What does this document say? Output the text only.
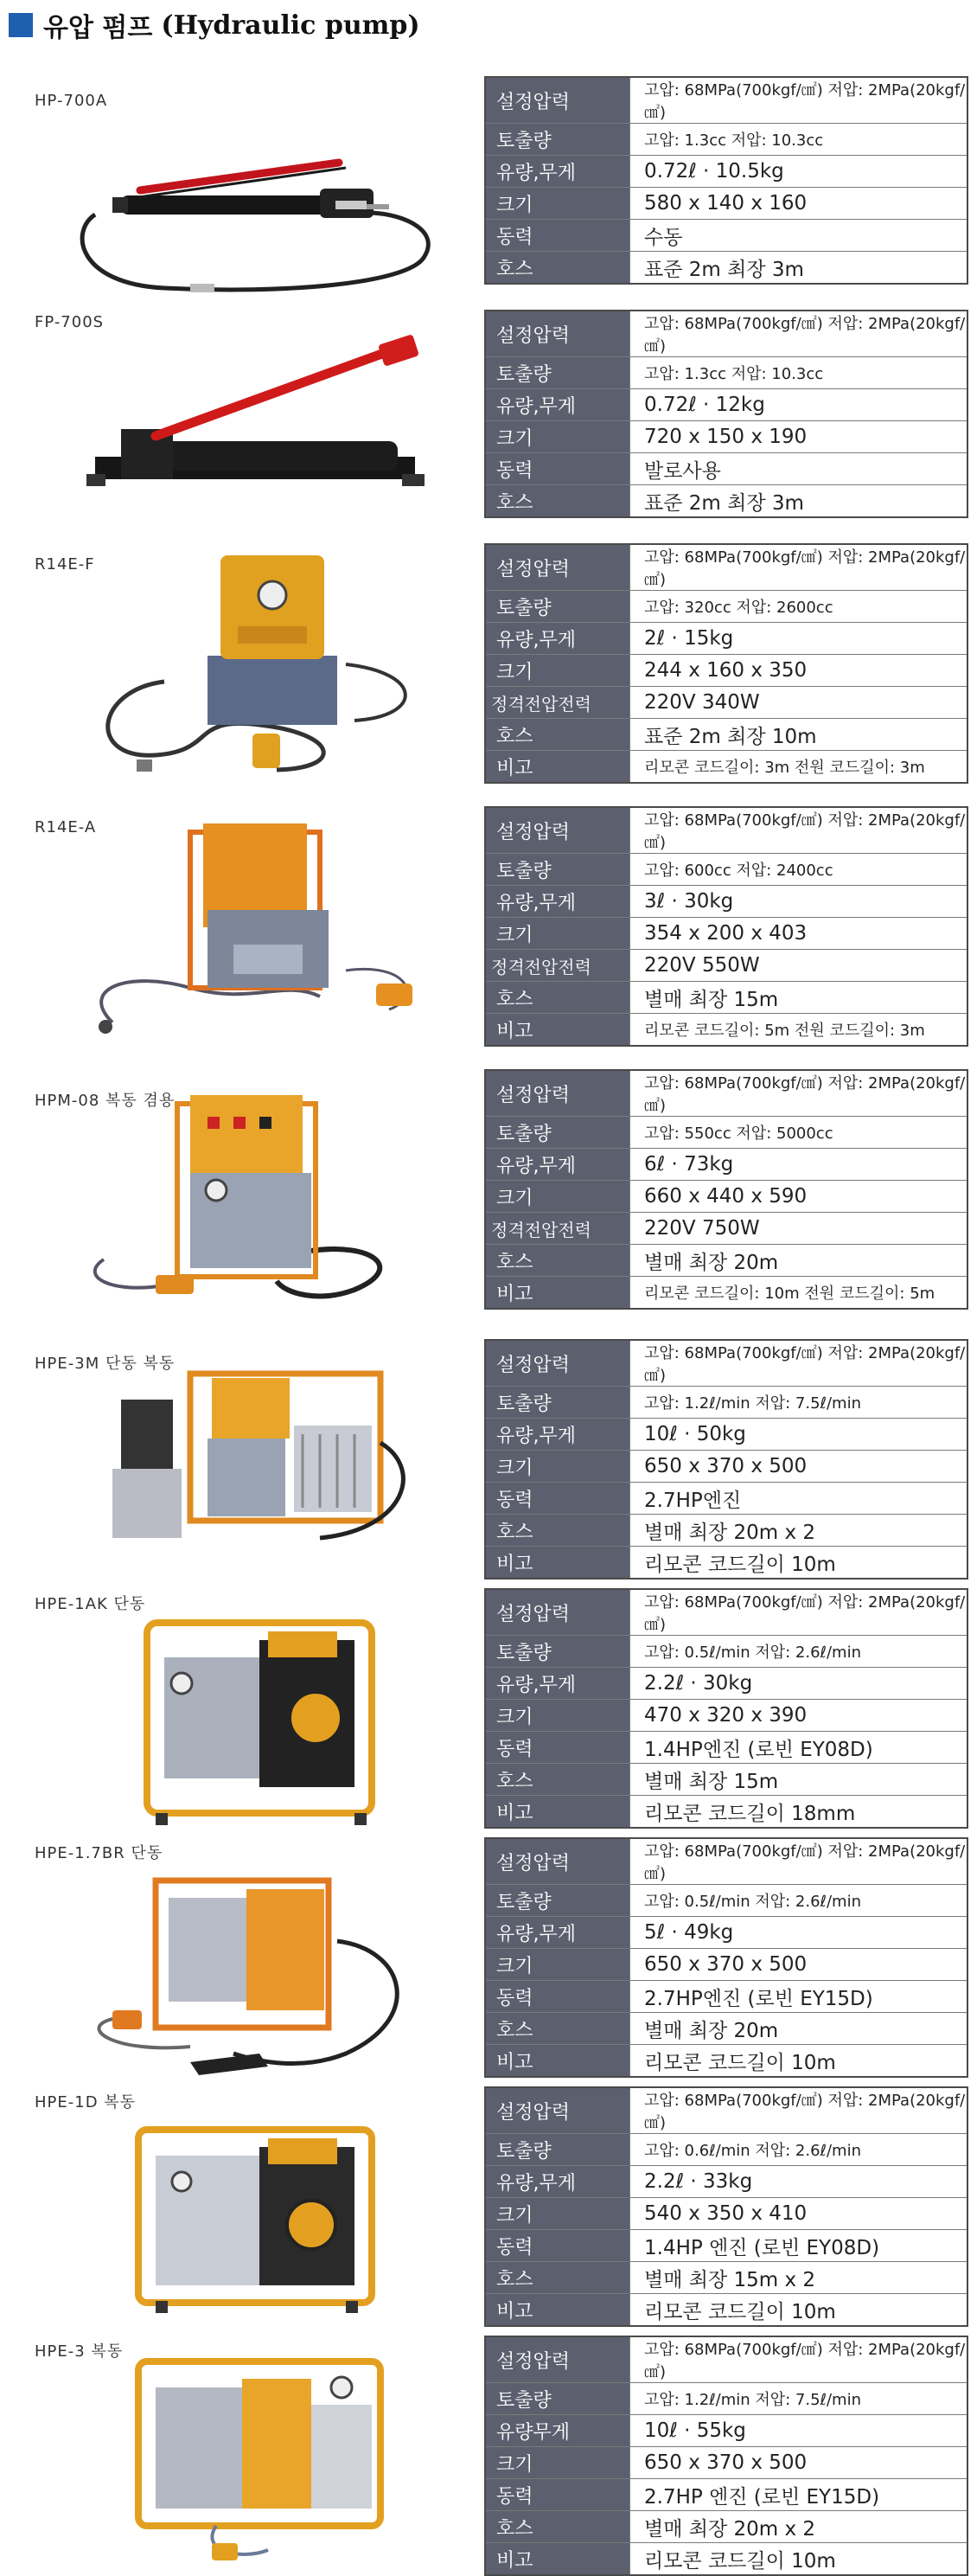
유압 펌프 (Hydraulic pump)
HP-700A	설정압력	고압: 68MPa(700kgf/㎠) 저압: 2MPa(20kgf/㎠)
토출량	고압: 1.3cc 저압: 10.3cc
유량,무게	0.72ℓ · 10.5kg
크기	580 x 140 x 160
동력	수동
호스	표준 2m 최장 3m
FP-700S
설정압력	고압: 68MPa(700kgf/㎠) 저압: 2MPa(20kgf/㎠)
토출량	고압: 1.3cc 저압: 10.3cc
유량,무게	0.72ℓ · 12kg
크기	720 x 150 x 190
동력	발로사용
호스	표준 2m 최장 3m
R14E-F	설정압력	고압: 68MPa(700kgf/㎠) 저압: 2MPa(20kgf/㎠)
토출량	고압: 320cc 저압: 2600cc
유량,무게	2ℓ · 15kg
크기	244 x 160 x 350
정격전압전력	220V 340W
호스	표준 2m 최장 10m
비고	리모콘 코드길이: 3m 전원 코드길이: 3m
R14E-A	설정압력	고압: 68MPa(700kgf/㎠) 저압: 2MPa(20kgf/㎠)
토출량	고압: 600cc 저압: 2400cc
유량,무게	3ℓ · 30kg
크기	354 x 200 x 403
정격전압전력	220V 550W
호스	별매 최장 15m
비고	리모콘 코드길이: 5m 전원 코드길이: 3m
HPM-08 복동 겸용	설정압력	고압: 68MPa(700kgf/㎠) 저압: 2MPa(20kgf/㎠)
토출량	고압: 550cc 저압: 5000cc
유량,무게	6ℓ · 73kg
크기	660 x 440 x 590
정격전압전력	220V 750W
호스	별매 최장 20m
비고	리모콘 코드길이: 10m 전원 코드길이: 5m
HPE-3M 단동 복동	설정압력	고압: 68MPa(700kgf/㎠) 저압: 2MPa(20kgf/㎠)
토출량	고압: 1.2ℓ/min 저압: 7.5ℓ/min
유량,무게	10ℓ · 50kg
크기	650 x 370 x 500
동력	2.7HP엔진
호스	별매 최장 20m x 2
비고	리모콘 코드길이 10m
HPE-1AK 단동	설정압력	고압: 68MPa(700kgf/㎠) 저압: 2MPa(20kgf/㎠)
토출량	고압: 0.5ℓ/min 저압: 2.6ℓ/min
유량,무게	2.2ℓ · 30kg
크기	470 x 320 x 390
동력	1.4HP엔진 (로빈 EY08D)
호스	별매 최장 15m
비고	리모콘 코드길이 18mm
HPE-1.7BR 단동	설정압력	고압: 68MPa(700kgf/㎠) 저압: 2MPa(20kgf/㎠)
토출량	고압: 0.5ℓ/min 저압: 2.6ℓ/min
유량,무게	5ℓ · 49kg
크기	650 x 370 x 500
동력	2.7HP엔진 (로빈 EY15D)
호스	별매 최장 20m
비고	리모콘 코드길이 10m
HPE-1D 복동	설정압력	고압: 68MPa(700kgf/㎠) 저압: 2MPa(20kgf/㎠)
토출량	고압: 0.6ℓ/min 저압: 2.6ℓ/min
유량,무게	2.2ℓ · 33kg
크기	540 x 350 x 410
동력	1.4HP 엔진 (로빈 EY08D)
호스	별매 최장 15m x 2
비고	리모콘 코드길이 10m
HPE-3 복동	설정압력	고압: 68MPa(700kgf/㎠) 저압: 2MPa(20kgf/㎠)
토출량	고압: 1.2ℓ/min 저압: 7.5ℓ/min
유량무게	10ℓ · 55kg
크기	650 x 370 x 500
동력	2.7HP 엔진 (로빈 EY15D)
호스	별매 최장 20m x 2
비고	리모콘 코드길이 10m
